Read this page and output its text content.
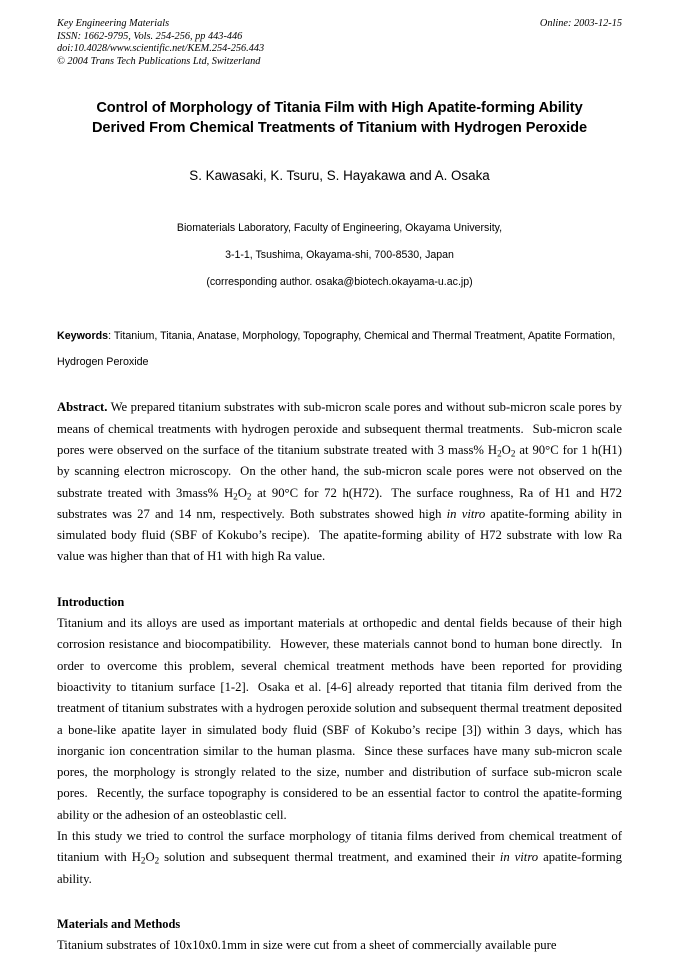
Key Engineering Materials
ISSN: 1662-9795, Vols. 254-256, pp 443-446
doi:10.4028/www.scientific.net/KEM.254-256.443
© 2004 Trans Tech Publications Ltd, Switzerland
Online: 2003-12-15
Control of Morphology of Titania Film with High Apatite-forming Ability
Derived From Chemical Treatments of Titanium with Hydrogen Peroxide
S. Kawasaki, K. Tsuru, S. Hayakawa and A. Osaka
Biomaterials Laboratory, Faculty of Engineering, Okayama University,
3-1-1, Tsushima, Okayama-shi, 700-8530, Japan
(corresponding author. osaka@biotech.okayama-u.ac.jp)
Keywords: Titanium, Titania, Anatase, Morphology, Topography, Chemical and Thermal Treatment, Apatite Formation, Hydrogen Peroxide
Abstract. We prepared titanium substrates with sub-micron scale pores and without sub-micron scale pores by means of chemical treatments with hydrogen peroxide and subsequent thermal treatments. Sub-micron scale pores were observed on the surface of the titanium substrate treated with 3 mass% $H_2O_2$ at 90°C for 1 h(H1) by scanning electron microscopy. On the other hand, the sub-micron scale pores were not observed on the substrate treated with 3mass% $H_2O_2$ at 90°C for 72 h(H72). The surface roughness, Ra of H1 and H72 substrates was 27 and 14 nm, respectively. Both substrates showed high in vitro apatite-forming ability in simulated body fluid (SBF of Kokubo’s recipe). The apatite-forming ability of H72 substrate with low Ra value was higher than that of H1 with high Ra value.
Introduction

Titanium and its alloys are used as important materials at orthopedic and dental fields because of their high corrosion resistance and biocompatibility. However, these materials cannot bond to human bone directly. In order to overcome this problem, several chemical treatment methods have been reported for providing bioactivity to titanium surface [1-2]. Osaka et al. [4-6] already reported that titania film derived from the treatment of titanium substrates with a hydrogen peroxide solution and subsequent thermal treatment deposited a bone-like apatite layer in simulated body fluid (SBF of Kokubo’s recipe [3]) within 3 days, which has inorganic ion concentration similar to the human plasma. Since these surfaces have many sub-micron scale pores, the morphology is strongly related to the size, number and distribution of surface sub-micron scale pores. Recently, the surface topography is considered to be an essential factor to control the apatite-forming ability or the adhesion of an osteoblastic cell.

In this study we tried to control the surface morphology of titania films derived from chemical treatment of titanium with $H_2O_2$ solution and subsequent thermal treatment, and examined their in vitro apatite-forming ability.

Materials and Methods

Titanium substrates of 10x10x0.1mm in size were cut from a sheet of commercially available pure
